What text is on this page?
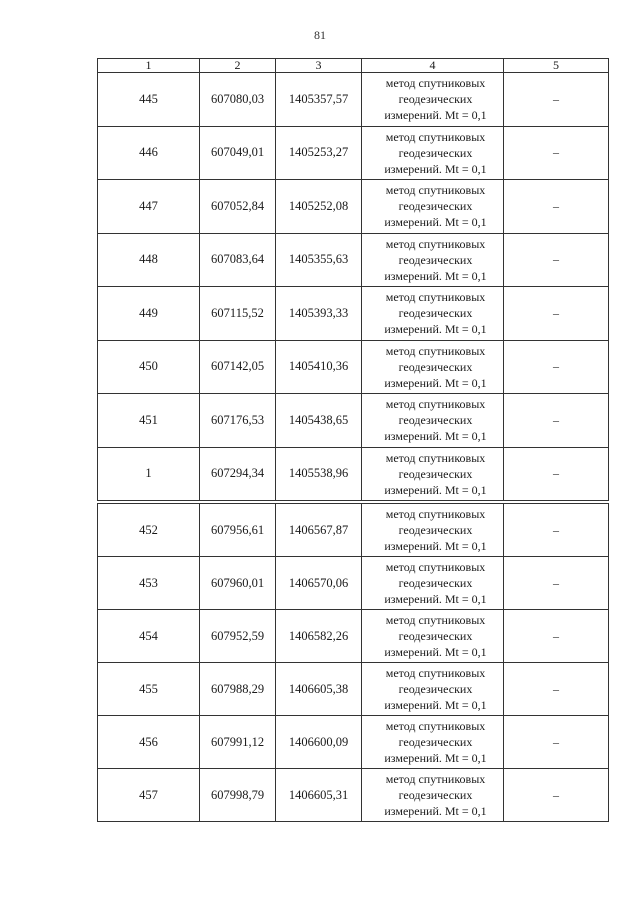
81
1	2	3	4	5
445	607080,03	1405357,57	метод спутниковых
геодезических
измерений. Mt = 0,1	–
446	607049,01	1405253,27	метод спутниковых
геодезических
измерений. Mt = 0,1	–
447	607052,84	1405252,08	метод спутниковых
геодезических
измерений. Mt = 0,1	–
448	607083,64	1405355,63	метод спутниковых
геодезических
измерений. Mt = 0,1	–
449	607115,52	1405393,33	метод спутниковых
геодезических
измерений. Mt = 0,1	–
450	607142,05	1405410,36	метод спутниковых
геодезических
измерений. Mt = 0,1	–
451	607176,53	1405438,65	метод спутниковых
геодезических
измерений. Mt = 0,1	–
1	607294,34	1405538,96	метод спутниковых
геодезических
измерений. Mt = 0,1	–
452	607956,61	1406567,87	метод спутниковых
геодезических
измерений. Mt = 0,1	–
453	607960,01	1406570,06	метод спутниковых
геодезических
измерений. Mt = 0,1	–
454	607952,59	1406582,26	метод спутниковых
геодезических
измерений. Mt = 0,1	–
455	607988,29	1406605,38	метод спутниковых
геодезических
измерений. Mt = 0,1	–
456	607991,12	1406600,09	метод спутниковых
геодезических
измерений. Mt = 0,1	–
457	607998,79	1406605,31	метод спутниковых
геодезических
измерений. Mt = 0,1	–
